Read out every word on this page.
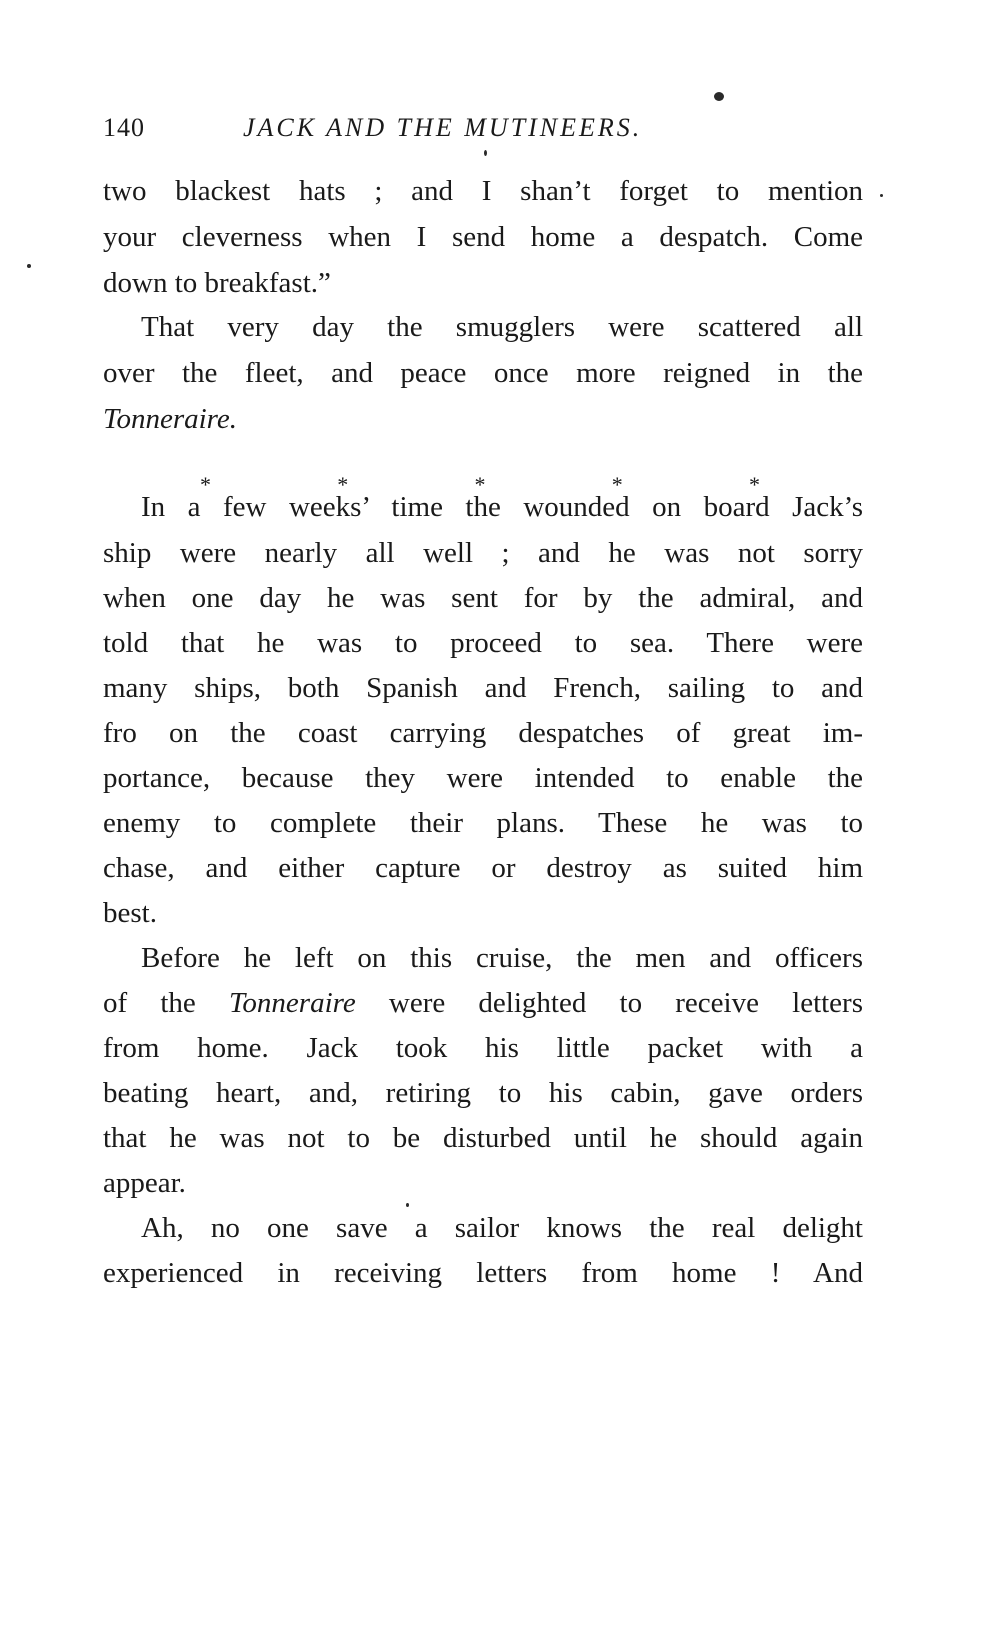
140	JACK AND THE MUTINEERS.
two blackest hats ; and I shan’t forget to mention
your cleverness when I send home a despatch. Come
down to breakfast.”
That very day the smugglers were scattered all
over the fleet, and peace once more reigned in the
Tonneraire.
*	*	*	*	*
In a few weeks’ time the wounded on board Jack’s
ship were nearly all well ; and he was not sorry
when one day he was sent for by the admiral, and
told that he was to proceed to sea. There were
many ships, both Spanish and French, sailing to and
fro on the coast carrying despatches of great im-
portance, because they were intended to enable the
enemy to complete their plans. These he was to
chase, and either capture or destroy as suited him
best.
Before he left on this cruise, the men and officers
of the Tonneraire were delighted to receive letters
from home. Jack took his little packet with a
beating heart, and, retiring to his cabin, gave orders
that he was not to be disturbed until he should again
appear.
Ah, no one save a sailor knows the real delight
experienced in receiving letters from home ! And
